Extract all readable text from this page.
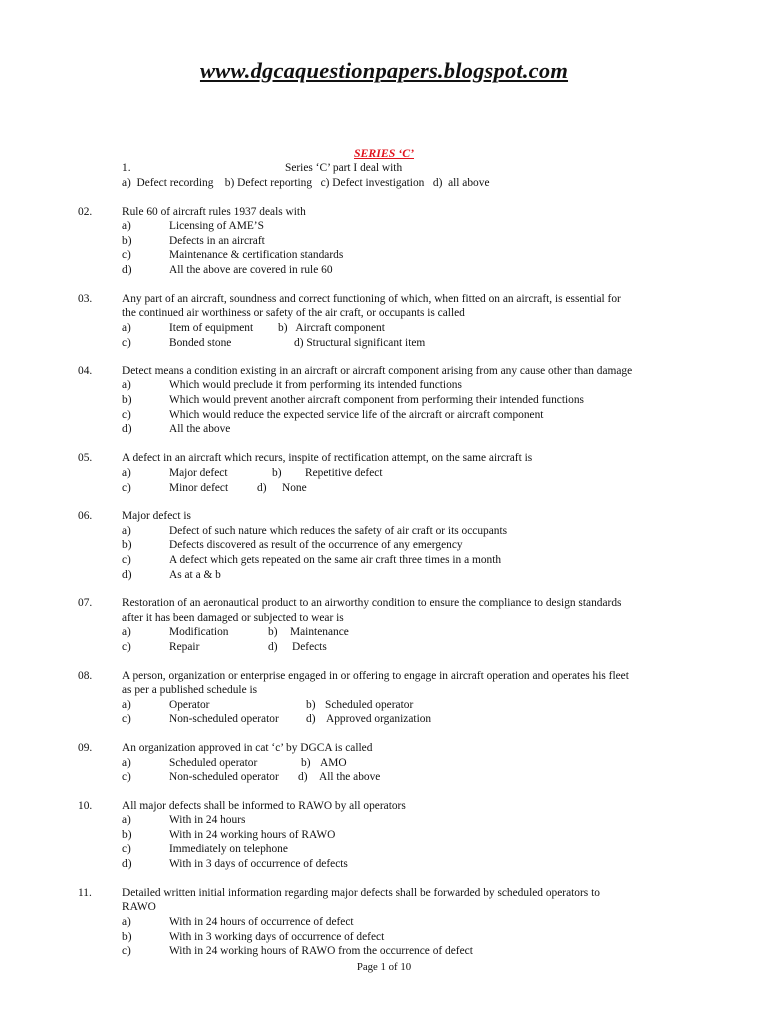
www.dgcaquestionpapers.blogspot.com
SERIES ‘C’
1.	Series ‘C’ part I deal with
a)  Defect recording    b) Defect reporting   c) Defect investigation   d)  all above
02.	Rule 60 of aircraft rules 1937 deals with
a)	Licensing of AME’S
b)	Defects in an aircraft
c)	Maintenance & certification standards
d)	All the above are covered in rule 60
03.	Any part of an aircraft, soundness and correct functioning of which, when fitted on an aircraft, is essential for
the continued air worthiness or safety of the air craft, or occupants is called
a)	Item of equipment b)   Aircraft component
c)	Bonded stone	d) Structural significant item
04.	Detect means a condition existing in an aircraft or aircraft component arising from any cause other than damage
a)	Which would preclude it from performing its intended functions
b)	Which would prevent another aircraft component from performing their intended functions
c)	Which would reduce the expected service life of the aircraft or aircraft component
d)	All the above
05.	A defect in an aircraft which recurs, inspite of rectification attempt, on the same aircraft is
a)	Major defect	b) Repetitive defect
c)	Minor defect	d) None
06.	Major defect is
a)	Defect of such nature which reduces the safety of air craft or its occupants
b)	Defects discovered as result of the occurrence of any emergency
c)	A defect which gets repeated on the same air craft three times in a month
d)	As at a & b
07.	Restoration of an aeronautical product to an airworthy condition to ensure the compliance to design standards
after it has been damaged or subjected to wear is
a)	Modification	b) Maintenance
c)	Repair	d) Defects
08.	A person, organization or enterprise engaged in or offering to engage in aircraft operation and operates his fleet
as per a published schedule is
a)	Operator	b) Scheduled operator
c)	Non-scheduled operator d) Approved organization
09.	An organization approved in cat ‘c’ by DGCA is called
a)	Scheduled operator	b) AMO
c)	Non-scheduled operator d) All the above
10.	All major defects shall be informed to RAWO by all operators
a)	With in 24 hours
b)	With in 24 working hours of RAWO
c)	Immediately on telephone
d)	With in 3 days of occurrence of defects
11.	Detailed written initial information regarding major defects shall be forwarded by scheduled operators to
RAWO
a)	With in 24 hours of occurrence of defect
b)	With in 3 working days of occurrence of defect
c)	With in 24 working hours of RAWO from the occurrence of defect
Page 1 of 10
